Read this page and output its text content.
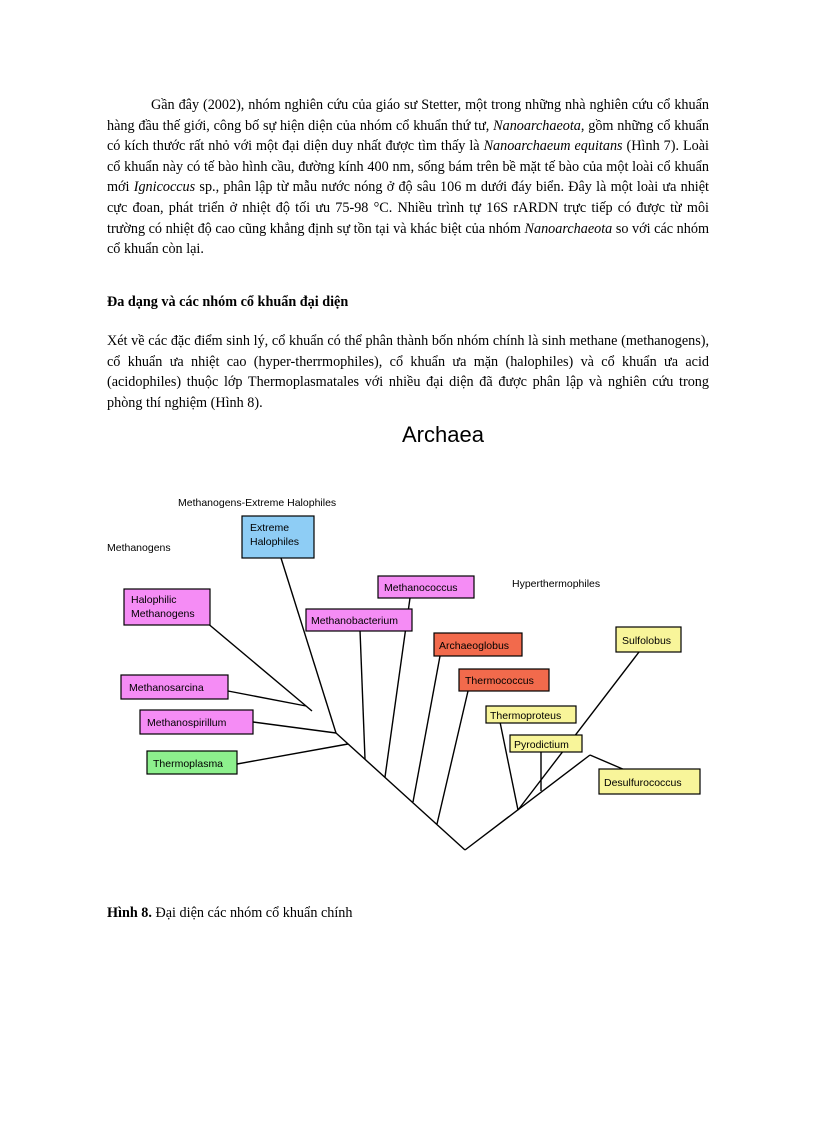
Gần đây (2002), nhóm nghiên cứu của giáo sư Stetter, một trong những nhà nghiên cứu cổ khuẩn hàng đầu thế giới, công bố sự hiện diện của nhóm cổ khuẩn thứ tư, Nanoarchaeota, gồm những cổ khuẩn có kích thước rất nhỏ với một đại diện duy nhất được tìm thấy là Nanoarchaeum equitans (Hình 7). Loài cổ khuẩn này có tế bào hình cầu, đường kính 400 nm, sống bám trên bề mặt tế bào của một loài cổ khuẩn mới Ignicoccus sp., phân lập từ mẫu nước nóng ở độ sâu 106 m dưới đáy biển. Đây là một loài ưa nhiệt cực đoan, phát triển ở nhiệt độ tối ưu 75-98 °C. Nhiều trình tự 16S rARDN trực tiếp có được từ môi trường có nhiệt độ cao cũng khẳng định sự tồn tại và khác biệt của nhóm Nanoarchaeota so với các nhóm cổ khuẩn còn lại.

Đa dạng và các nhóm cổ khuẩn đại diện

Xét về các đặc điểm sinh lý, cổ khuẩn có thể phân thành bốn nhóm chính là sinh methane (methanogens), cổ khuẩn ưa nhiệt cao (hyper-therrmophiles), cổ khuẩn ưa mặn (halophiles) và cổ khuẩn ưa acid (acidophiles) thuộc lớp Thermoplasmatales với nhiều đại diện đã được phân lập và nghiên cứu trong phòng thí nghiệm (Hình 8).

Archaea
Methanogens-Extreme Halophiles
Methanogens
Hyperthermophiles
Extreme
Halophiles
Halophilic
Methanogens
Methanococcus
Methanobacterium
Archaeoglobus
Thermococcus
Methanosarcina
Methanospirillum
Thermoplasma
Thermoproteus
Pyrodictium
Sulfolobus
Desulfurococcus

Hình 8. Đại diện các nhóm cổ khuẩn chính
